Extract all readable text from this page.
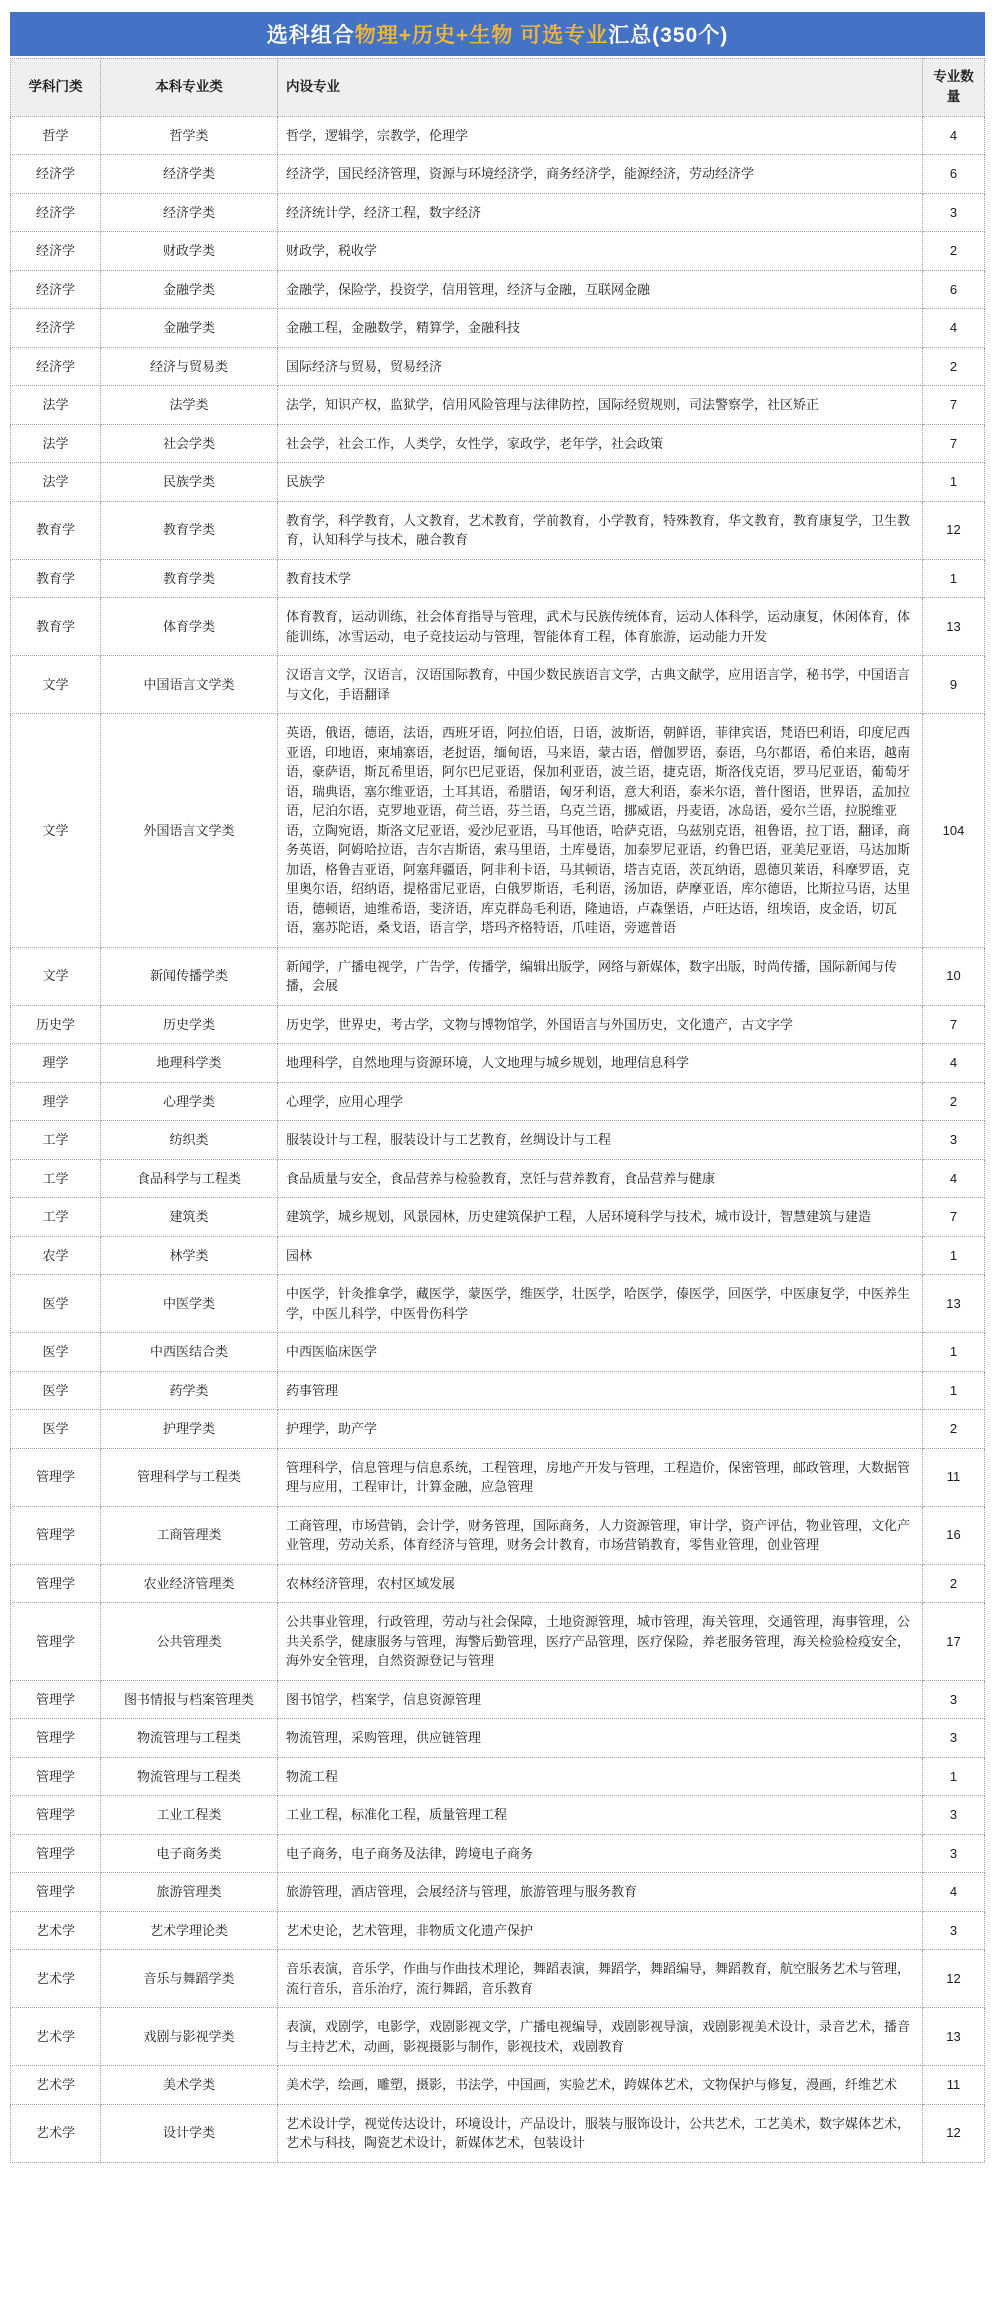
选科组合 物理+历史+生物 可选专业 汇总(350个)
学科门类	本科专业类	内设专业	专业数量
哲学	哲学类	哲学，逻辑学，宗教学，伦理学	4
经济学	经济学类	经济学，国民经济管理，资源与环境经济学，商务经济学，能源经济，劳动经济学	6
经济学	经济学类	经济统计学，经济工程，数字经济	3
经济学	财政学类	财政学，税收学	2
经济学	金融学类	金融学，保险学，投资学，信用管理，经济与金融，互联网金融	6
经济学	金融学类	金融工程，金融数学，精算学，金融科技	4
经济学	经济与贸易类	国际经济与贸易，贸易经济	2
法学	法学类	法学，知识产权，监狱学，信用风险管理与法律防控，国际经贸规则，司法警察学，社区矫正	7
法学	社会学类	社会学，社会工作，人类学，女性学，家政学，老年学，社会政策	7
法学	民族学类	民族学	1
教育学	教育学类	教育学，科学教育，人文教育，艺术教育，学前教育，小学教育，特殊教育，华文教育，教育康复学，卫生教育，认知科学与技术，融合教育	12
教育学	教育学类	教育技术学	1
教育学	体育学类	体育教育，运动训练，社会体育指导与管理，武术与民族传统体育，运动人体科学，运动康复，休闲体育，体能训练，冰雪运动，电子竞技运动与管理，智能体育工程，体育旅游，运动能力开发	13
文学	中国语言文学类	汉语言文学，汉语言，汉语国际教育，中国少数民族语言文学，古典文献学，应用语言学，秘书学，中国语言与文化，手语翻译	9
文学	外国语言文学类	英语，俄语，德语，法语，西班牙语，阿拉伯语，日语，波斯语，朝鲜语，菲律宾语，梵语巴利语，印度尼西亚语，印地语，柬埔寨语，老挝语，缅甸语，马来语，蒙古语，僧伽罗语，泰语，乌尔都语，希伯来语，越南语，豪萨语，斯瓦希里语，阿尔巴尼亚语，保加利亚语，波兰语，捷克语，斯洛伐克语，罗马尼亚语，葡萄牙语，瑞典语，塞尔维亚语，土耳其语，希腊语，匈牙利语，意大利语，泰米尔语，普什图语，世界语，孟加拉语，尼泊尔语，克罗地亚语，荷兰语，芬兰语，乌克兰语，挪威语，丹麦语，冰岛语，爱尔兰语，拉脱维亚语，立陶宛语，斯洛文尼亚语，爱沙尼亚语，马耳他语，哈萨克语，乌兹别克语，祖鲁语，拉丁语，翻译，商务英语，阿姆哈拉语，吉尔吉斯语，索马里语，土库曼语，加泰罗尼亚语，约鲁巴语，亚美尼亚语，马达加斯加语，格鲁吉亚语，阿塞拜疆语，阿非利卡语，马其顿语，塔吉克语，茨瓦纳语，恩德贝莱语，科摩罗语，克里奥尔语，绍纳语，提格雷尼亚语，白俄罗斯语，毛利语，汤加语，萨摩亚语，库尔德语，比斯拉马语，达里语，德顿语，迪维希语，斐济语，库克群岛毛利语，隆迪语，卢森堡语，卢旺达语，纽埃语，皮金语，切瓦语，塞苏陀语，桑戈语，语言学，塔玛齐格特语，爪哇语，旁遮普语	104
文学	新闻传播学类	新闻学，广播电视学，广告学，传播学，编辑出版学，网络与新媒体，数字出版，时尚传播，国际新闻与传播，会展	10
历史学	历史学类	历史学，世界史，考古学，文物与博物馆学，外国语言与外国历史，文化遗产，古文字学	7
理学	地理科学类	地理科学，自然地理与资源环境，人文地理与城乡规划，地理信息科学	4
理学	心理学类	心理学，应用心理学	2
工学	纺织类	服装设计与工程，服装设计与工艺教育，丝绸设计与工程	3
工学	食品科学与工程类	食品质量与安全，食品营养与检验教育，烹饪与营养教育，食品营养与健康	4
工学	建筑类	建筑学，城乡规划，风景园林，历史建筑保护工程，人居环境科学与技术，城市设计，智慧建筑与建造	7
农学	林学类	园林	1
医学	中医学类	中医学，针灸推拿学，藏医学，蒙医学，维医学，壮医学，哈医学，傣医学，回医学，中医康复学，中医养生学，中医儿科学，中医骨伤科学	13
医学	中西医结合类	中西医临床医学	1
医学	药学类	药事管理	1
医学	护理学类	护理学，助产学	2
管理学	管理科学与工程类	管理科学，信息管理与信息系统，工程管理，房地产开发与管理，工程造价，保密管理，邮政管理，大数据管理与应用，工程审计，计算金融，应急管理	11
管理学	工商管理类	工商管理，市场营销，会计学，财务管理，国际商务，人力资源管理，审计学，资产评估，物业管理，文化产业管理，劳动关系，体育经济与管理，财务会计教育，市场营销教育，零售业管理，创业管理	16
管理学	农业经济管理类	农林经济管理，农村区域发展	2
管理学	公共管理类	公共事业管理，行政管理，劳动与社会保障，土地资源管理，城市管理，海关管理，交通管理，海事管理，公共关系学，健康服务与管理，海警后勤管理，医疗产品管理，医疗保险，养老服务管理，海关检验检疫安全，海外安全管理，自然资源登记与管理	17
管理学	图书情报与档案管理类	图书馆学，档案学，信息资源管理	3
管理学	物流管理与工程类	物流管理，采购管理，供应链管理	3
管理学	物流管理与工程类	物流工程	1
管理学	工业工程类	工业工程，标准化工程，质量管理工程	3
管理学	电子商务类	电子商务，电子商务及法律，跨境电子商务	3
管理学	旅游管理类	旅游管理，酒店管理，会展经济与管理，旅游管理与服务教育	4
艺术学	艺术学理论类	艺术史论，艺术管理，非物质文化遗产保护	3
艺术学	音乐与舞蹈学类	音乐表演，音乐学，作曲与作曲技术理论，舞蹈表演，舞蹈学，舞蹈编导，舞蹈教育，航空服务艺术与管理，流行音乐，音乐治疗，流行舞蹈，音乐教育	12
艺术学	戏剧与影视学类	表演，戏剧学，电影学，戏剧影视文学，广播电视编导，戏剧影视导演，戏剧影视美术设计，录音艺术，播音与主持艺术，动画，影视摄影与制作，影视技术，戏剧教育	13
艺术学	美术学类	美术学，绘画，雕塑，摄影，书法学，中国画，实验艺术，跨媒体艺术，文物保护与修复，漫画，纤维艺术	11
艺术学	设计学类	艺术设计学，视觉传达设计，环境设计，产品设计，服装与服饰设计，公共艺术，工艺美术，数字媒体艺术，艺术与科技，陶瓷艺术设计，新媒体艺术，包装设计	12
